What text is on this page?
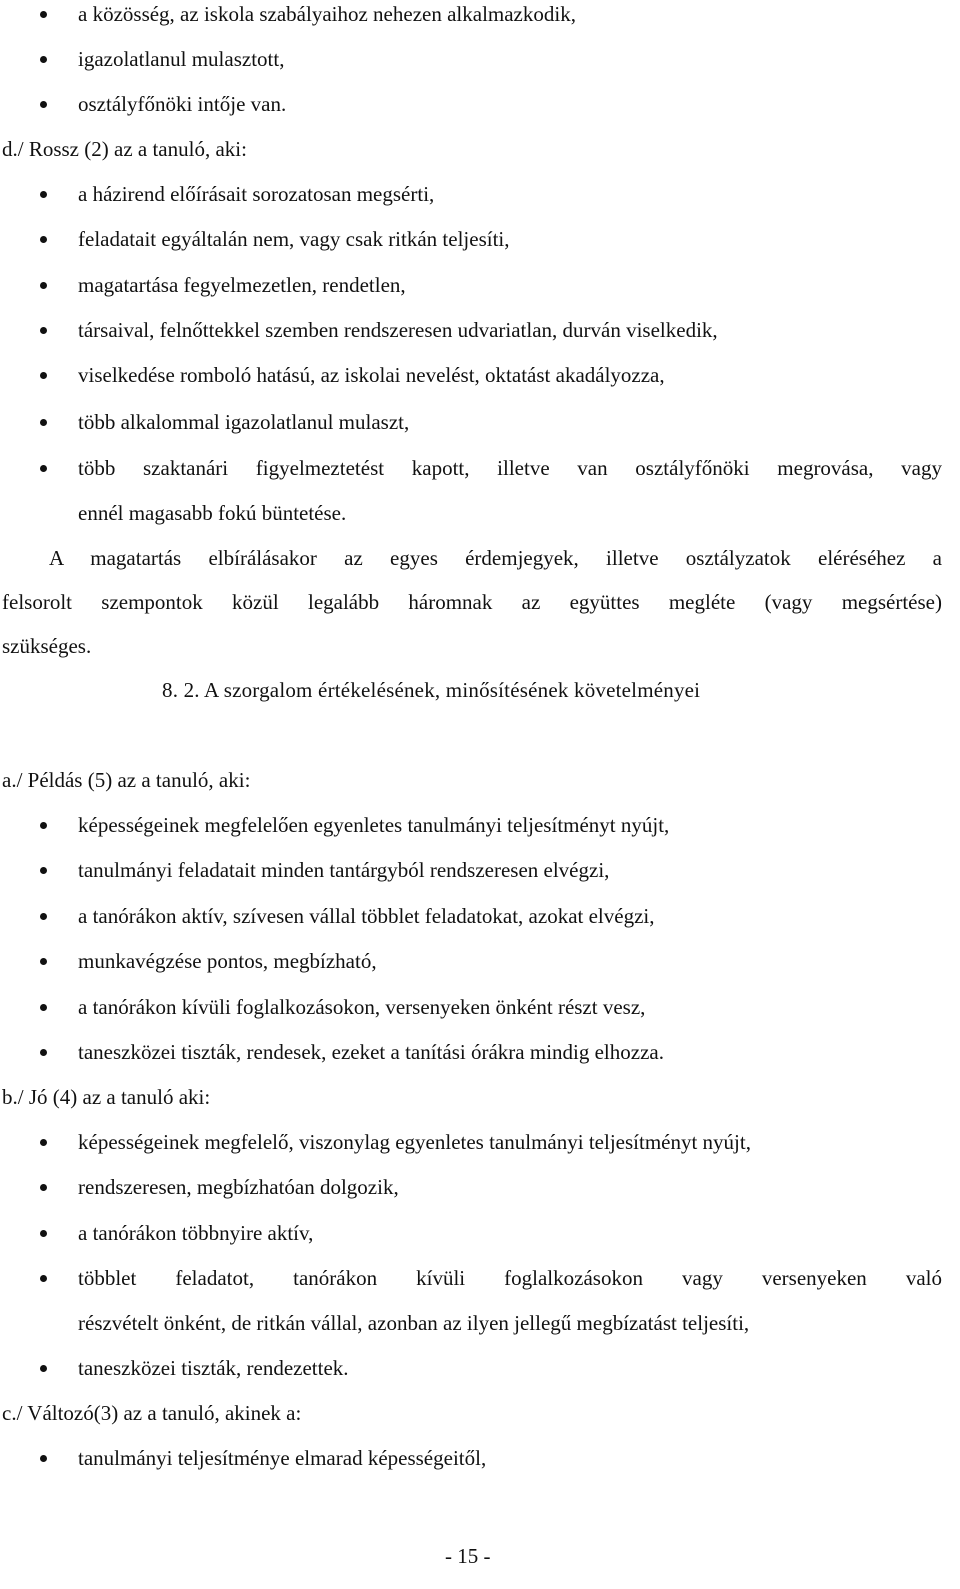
a közösség, az iskola szabályaihoz nehezen alkalmazkodik,
igazolatlanul mulasztott,
osztályfőnöki intője van.
d./ Rossz (2) az a tanuló, aki:
a házirend előírásait sorozatosan megsérti,
feladatait egyáltalán nem, vagy csak ritkán teljesíti,
magatartása fegyelmezetlen, rendetlen,
társaival, felnőttekkel szemben rendszeresen udvariatlan, durván viselkedik,
viselkedése romboló hatású, az iskolai nevelést, oktatást akadályozza,
több alkalommal igazolatlanul mulaszt,
több szaktanári figyelmeztetést kapott, illetve van osztályfőnöki megrovása, vagy
ennél magasabb fokú büntetése.
A magatartás elbírálásakor az egyes érdemjegyek, illetve osztályzatok eléréséhez a
felsorolt szempontok közül legalább háromnak az együttes megléte (vagy megsértése)
szükséges.
8. 2. A szorgalom értékelésének, minősítésének követelményei
a./ Példás (5) az a tanuló, aki:
képességeinek megfelelően egyenletes tanulmányi teljesítményt nyújt,
tanulmányi feladatait minden tantárgyból rendszeresen elvégzi,
a tanórákon aktív, szívesen vállal többlet feladatokat, azokat elvégzi,
munkavégzése pontos, megbízható,
a tanórákon kívüli foglalkozásokon, versenyeken önként részt vesz,
taneszközei tiszták, rendesek, ezeket a tanítási órákra mindig elhozza.
b./ Jó (4) az a tanuló aki:
képességeinek megfelelő, viszonylag egyenletes tanulmányi teljesítményt nyújt,
rendszeresen, megbízhatóan dolgozik,
a tanórákon többnyire aktív,
többlet feladatot, tanórákon kívüli foglalkozásokon vagy versenyeken való
részvételt önként, de ritkán vállal, azonban az ilyen jellegű megbízatást teljesíti,
taneszközei tiszták, rendezettek.
c./ Változó(3) az a tanuló, akinek a:
tanulmányi teljesítménye elmarad képességeitől,
- 15 -
